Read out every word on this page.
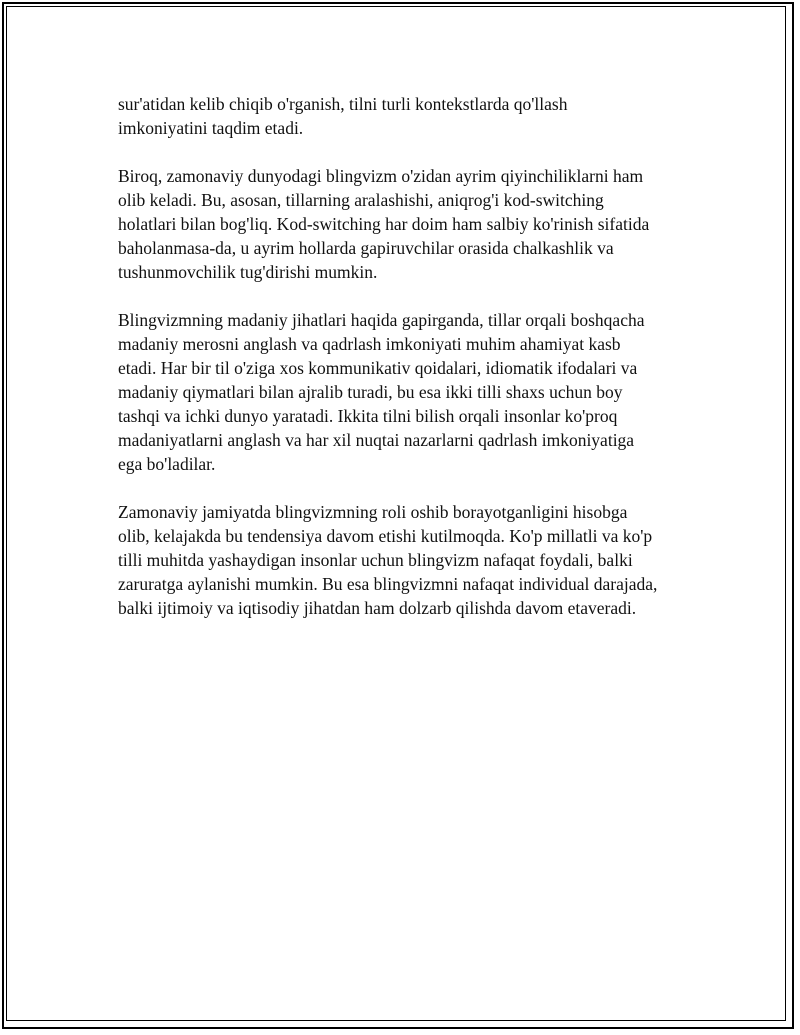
sur'atidan kelib chiqib o'rganish, tilni turli kontekstlarda qo'llash
imkoniyatini taqdim etadi.

Biroq, zamonaviy dunyodagi blingvizm o'zidan ayrim qiyinchiliklarni ham
olib keladi. Bu, asosan, tillarning aralashishi, aniqrog'i kod-switching
holatlari bilan bog'liq. Kod-switching har doim ham salbiy ko'rinish sifatida
baholanmasa-da, u ayrim hollarda gapiruvchilar orasida chalkashlik va
tushunmovchilik tug'dirishi mumkin.

Blingvizmning madaniy jihatlari haqida gapirganda, tillar orqali boshqacha
madaniy merosni anglash va qadrlash imkoniyati muhim ahamiyat kasb
etadi. Har bir til o'ziga xos kommunikativ qoidalari, idiomatik ifodalari va
madaniy qiymatlari bilan ajralib turadi, bu esa ikki tilli shaxs uchun boy
tashqi va ichki dunyo yaratadi. Ikkita tilni bilish orqali insonlar ko'proq
madaniyatlarni anglash va har xil nuqtai nazarlarni qadrlash imkoniyatiga
ega bo'ladilar.

Zamonaviy jamiyatda blingvizmning roli oshib borayotganligini hisobga
olib, kelajakda bu tendensiya davom etishi kutilmoqda. Ko'p millatli va ko'p
tilli muhitda yashaydigan insonlar uchun blingvizm nafaqat foydali, balki
zaruratga aylanishi mumkin. Bu esa blingvizmni nafaqat individual darajada,
balki ijtimoiy va iqtisodiy jihatdan ham dolzarb qilishda davom etaveradi.
